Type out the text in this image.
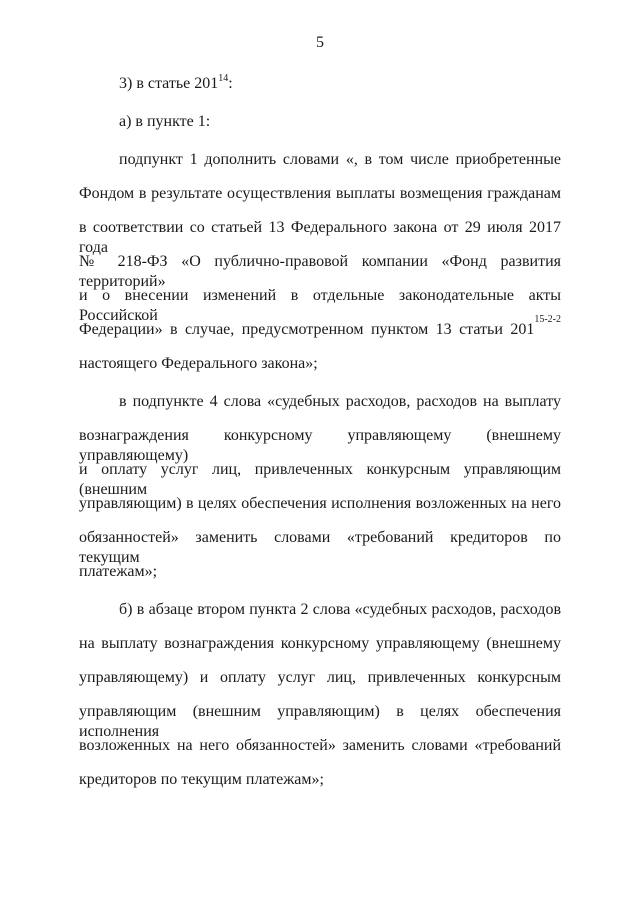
5
3) в статье $201^{14}$:
а) в пункте 1:
подпункт 1 дополнить словами «, в том числе приобретенные
Фондом в результате осуществления выплаты возмещения гражданам
в соответствии со статьей 13 Федерального закона от 29 июля 2017 года
№ 218-ФЗ «О публично-правовой компании «Фонд развития территорий»
и о внесении изменений в отдельные законодательные акты Российской
Федерации» в случае, предусмотренном пунктом 13 статьи 201
15-2-2
настоящего Федерального закона»;
в подпункте 4 слова «судебных расходов, расходов на выплату
вознаграждения конкурсному управляющему (внешнему управляющему)
и оплату услуг лиц, привлеченных конкурсным управляющим (внешним
управляющим) в целях обеспечения исполнения возложенных на него
обязанностей» заменить словами «требований кредиторов по текущим
платежам»;
б) в абзаце втором пункта 2 слова «судебных расходов, расходов
на выплату вознаграждения конкурсному управляющему (внешнему
управляющему) и оплату услуг лиц, привлеченных конкурсным
управляющим (внешним управляющим) в целях обеспечения исполнения
возложенных на него обязанностей» заменить словами «требований
кредиторов по текущим платежам»;
